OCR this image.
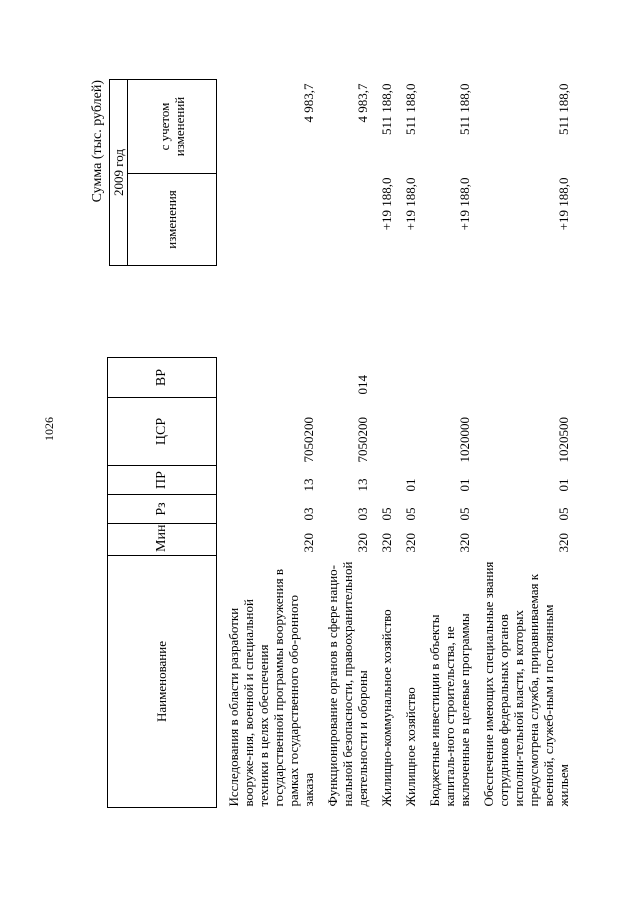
1026
Сумма (тыс. рублей)
Наименование	Мин	Рз	ПР	ЦСР	ВР			
							2009 год	
							изменения	с учетом изменений

Исследования в области разработки вооруже-ния, военной и специальной техники в целях обеспечения государственной программы вооружения в рамках государственного обо-ронного заказа	320	03	13	7050200				4 983,7

Функционирование органов в сфере нацио-нальной безопасности, правоохранительной деятельности и обороны	320	03	13	7050200	014			4 983,7

Жилищно-коммунальное хозяйство	320	05					+19 188,0	511 188,0

Жилищное хозяйство	320	05	01				+19 188,0	511 188,0

Бюджетные инвестиции в объекты капиталь-ного строительства, не включенные в целевые программы	320	05	01	1020000			+19 188,0	511 188,0

Обеспечение имеющих специальные звания сотрудников федеральных органов исполни-тельной власти, в которых предусмотрена служба, приравниваемая к военной, служеб-ным и постоянным жильем	320	05	01	1020500			+19 188,0	511 188,0
